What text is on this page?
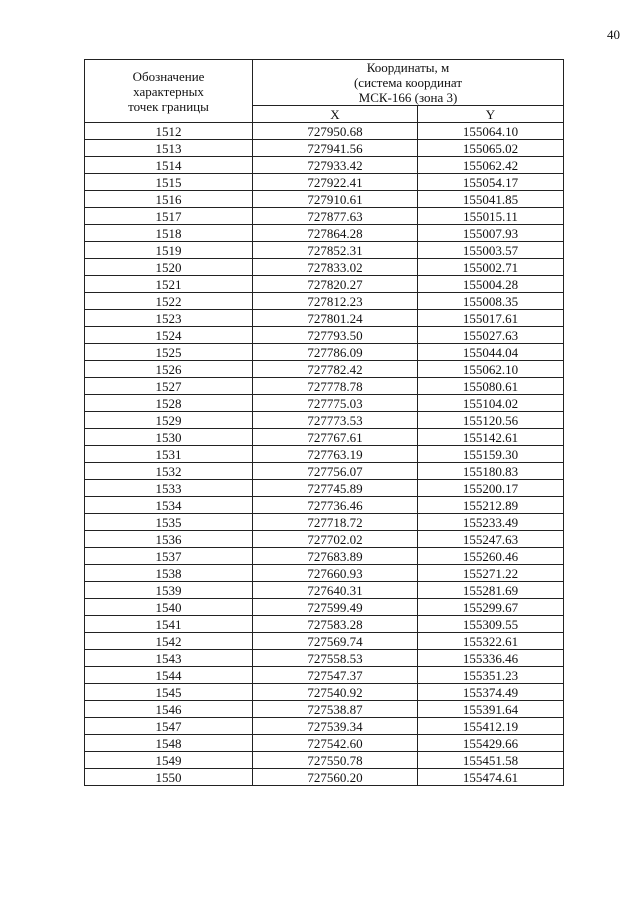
40
Обозначение
характерных
точек границы	Координаты, м
(система координат
МСК-166 (зона 3)	

	X	Y
1512	727950.68	155064.10
1513	727941.56	155065.02
1514	727933.42	155062.42
1515	727922.41	155054.17
1516	727910.61	155041.85
1517	727877.63	155015.11
1518	727864.28	155007.93
1519	727852.31	155003.57
1520	727833.02	155002.71
1521	727820.27	155004.28
1522	727812.23	155008.35
1523	727801.24	155017.61
1524	727793.50	155027.63
1525	727786.09	155044.04
1526	727782.42	155062.10
1527	727778.78	155080.61
1528	727775.03	155104.02
1529	727773.53	155120.56
1530	727767.61	155142.61
1531	727763.19	155159.30
1532	727756.07	155180.83
1533	727745.89	155200.17
1534	727736.46	155212.89
1535	727718.72	155233.49
1536	727702.02	155247.63
1537	727683.89	155260.46
1538	727660.93	155271.22
1539	727640.31	155281.69
1540	727599.49	155299.67
1541	727583.28	155309.55
1542	727569.74	155322.61
1543	727558.53	155336.46
1544	727547.37	155351.23
1545	727540.92	155374.49
1546	727538.87	155391.64
1547	727539.34	155412.19
1548	727542.60	155429.66
1549	727550.78	155451.58
1550	727560.20	155474.61
